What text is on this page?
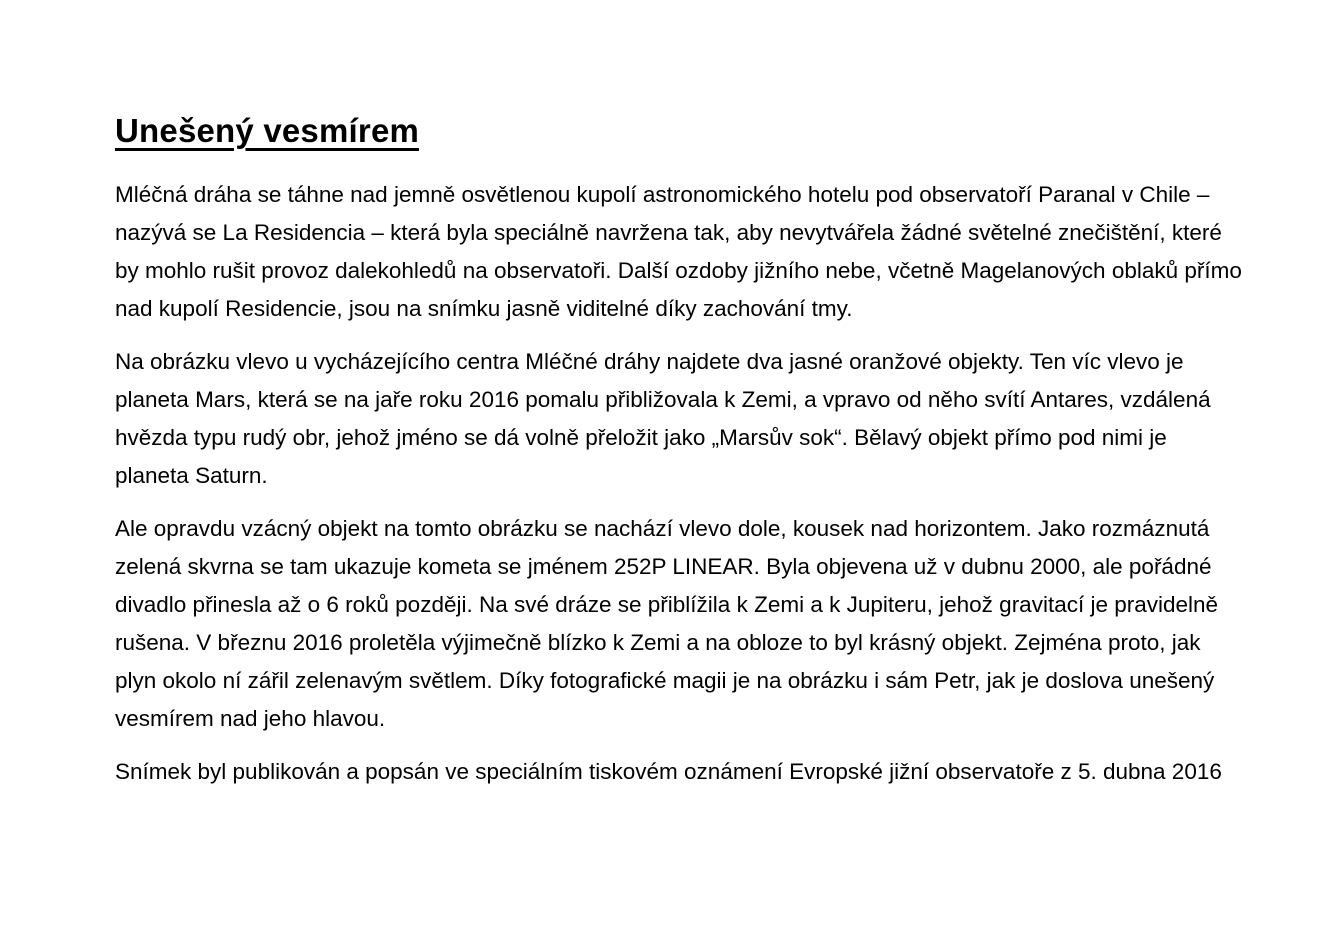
Unešený vesmírem

Mléčná dráha se táhne nad jemně osvětlenou kupolí astronomického hotelu pod observatoří Paranal v Chile – nazývá se La Residencia – která byla speciálně navržena tak, aby nevytvářela žádné světelné znečištění, které by mohlo rušit provoz dalekohledů na observatoři. Další ozdoby jižního nebe, včetně Magelanových oblaků přímo nad kupolí Residencie, jsou na snímku jasně viditelné díky zachování tmy.

Na obrázku vlevo u vycházejícího centra Mléčné dráhy najdete dva jasné oranžové objekty. Ten víc vlevo je planeta Mars, která se na jaře roku 2016 pomalu přibližovala k Zemi, a vpravo od něho svítí Antares, vzdálená hvězda typu rudý obr, jehož jméno se dá volně přeložit jako „Marsův sok“. Bělavý objekt přímo pod nimi je planeta Saturn.

Ale opravdu vzácný objekt na tomto obrázku se nachází vlevo dole, kousek nad horizontem. Jako rozmáznutá zelená skvrna se tam ukazuje kometa se jménem 252P LINEAR. Byla objevena už v dubnu 2000, ale pořádné divadlo přinesla až o 6 roků později. Na své dráze se přiblížila k Zemi a k Jupiteru, jehož gravitací je pravidelně rušena. V březnu 2016 proletěla výjimečně blízko k Zemi a na obloze to byl krásný objekt. Zejména proto, jak plyn okolo ní zářil zelenavým světlem. Díky fotografické magii je na obrázku i sám Petr, jak je doslova unešený vesmírem nad jeho hlavou.

Snímek byl publikován a popsán ve speciálním tiskovém oznámení Evropské jižní observatoře z 5. dubna 2016
